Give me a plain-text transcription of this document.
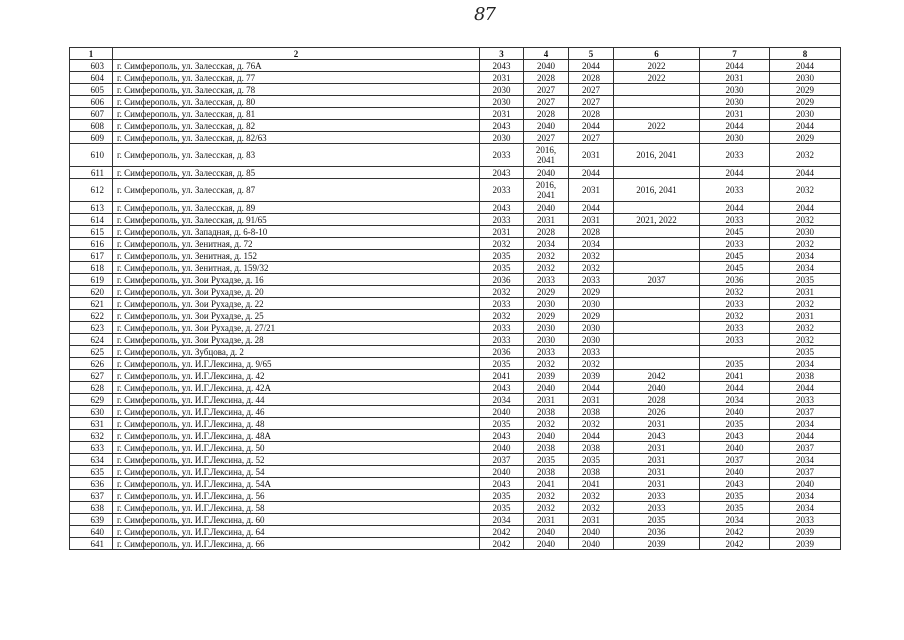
87
1	2	3	4	5	6	7	8
603	г. Симферополь, ул. Залесская, д. 76А	2043	2040	2044	2022	2044	2044
604	г. Симферополь, ул. Залесская, д. 77	2031	2028	2028	2022	2031	2030
605	г. Симферополь, ул. Залесская, д. 78	2030	2027	2027		2030	2029
606	г. Симферополь, ул. Залесская, д. 80	2030	2027	2027		2030	2029
607	г. Симферополь, ул. Залесская, д. 81	2031	2028	2028		2031	2030
608	г. Симферополь, ул. Залесская, д. 82	2043	2040	2044	2022	2044	2044
609	г. Симферополь, ул. Залесская, д. 82/63	2030	2027	2027		2030	2029
610	г. Симферополь, ул. Залесская, д. 83	2033	2016, 2041	2031	2016, 2041	2033	2032
611	г. Симферополь, ул. Залесская, д. 85	2043	2040	2044		2044	2044
612	г. Симферополь, ул. Залесская, д. 87	2033	2016, 2041	2031	2016, 2041	2033	2032
613	г. Симферополь, ул. Залесская, д. 89	2043	2040	2044		2044	2044
614	г. Симферополь, ул. Залесская, д. 91/65	2033	2031	2031	2021, 2022	2033	2032
615	г. Симферополь, ул. Западная, д. 6-8-10	2031	2028	2028		2045	2030
616	г. Симферополь, ул. Зенитная, д. 72	2032	2034	2034		2033	2032
617	г. Симферополь, ул. Зенитная, д. 152	2035	2032	2032		2045	2034
618	г. Симферополь, ул. Зенитная, д. 159/32	2035	2032	2032		2045	2034
619	г. Симферополь, ул. Зои Рухадзе, д. 16	2036	2033	2033	2037	2036	2035
620	г. Симферополь, ул. Зои Рухадзе, д. 20	2032	2029	2029		2032	2031
621	г. Симферополь, ул. Зои Рухадзе, д. 22	2033	2030	2030		2033	2032
622	г. Симферополь, ул. Зои Рухадзе, д. 25	2032	2029	2029		2032	2031
623	г. Симферополь, ул. Зои Рухадзе, д. 27/21	2033	2030	2030		2033	2032
624	г. Симферополь, ул. Зои Рухадзе, д. 28	2033	2030	2030		2033	2032
625	г. Симферополь, ул. Зубцова, д. 2	2036	2033	2033			2035
626	г. Симферополь, ул. И.Г.Лексина, д. 9/65	2035	2032	2032		2035	2034
627	г. Симферополь, ул. И.Г.Лексина, д. 42	2041	2039	2039	2042	2041	2038
628	г. Симферополь, ул. И.Г.Лексина, д. 42А	2043	2040	2044	2040	2044	2044
629	г. Симферополь, ул. И.Г.Лексина, д. 44	2034	2031	2031	2028	2034	2033
630	г. Симферополь, ул. И.Г.Лексина, д. 46	2040	2038	2038	2026	2040	2037
631	г. Симферополь, ул. И.Г.Лексина, д. 48	2035	2032	2032	2031	2035	2034
632	г. Симферополь, ул. И.Г.Лексина, д. 48А	2043	2040	2044	2043	2043	2044
633	г. Симферополь, ул. И.Г.Лексина, д. 50	2040	2038	2038	2031	2040	2037
634	г. Симферополь, ул. И.Г.Лексина, д. 52	2037	2035	2035	2031	2037	2034
635	г. Симферополь, ул. И.Г.Лексина, д. 54	2040	2038	2038	2031	2040	2037
636	г. Симферополь, ул. И.Г.Лексина, д. 54А	2043	2041	2041	2031	2043	2040
637	г. Симферополь, ул. И.Г.Лексина, д. 56	2035	2032	2032	2033	2035	2034
638	г. Симферополь, ул. И.Г.Лексина, д. 58	2035	2032	2032	2033	2035	2034
639	г. Симферополь, ул. И.Г.Лексина, д. 60	2034	2031	2031	2035	2034	2033
640	г. Симферополь, ул. И.Г.Лексина, д. 64	2042	2040	2040	2036	2042	2039
641	г. Симферополь, ул. И.Г.Лексина, д. 66	2042	2040	2040	2039	2042	2039
